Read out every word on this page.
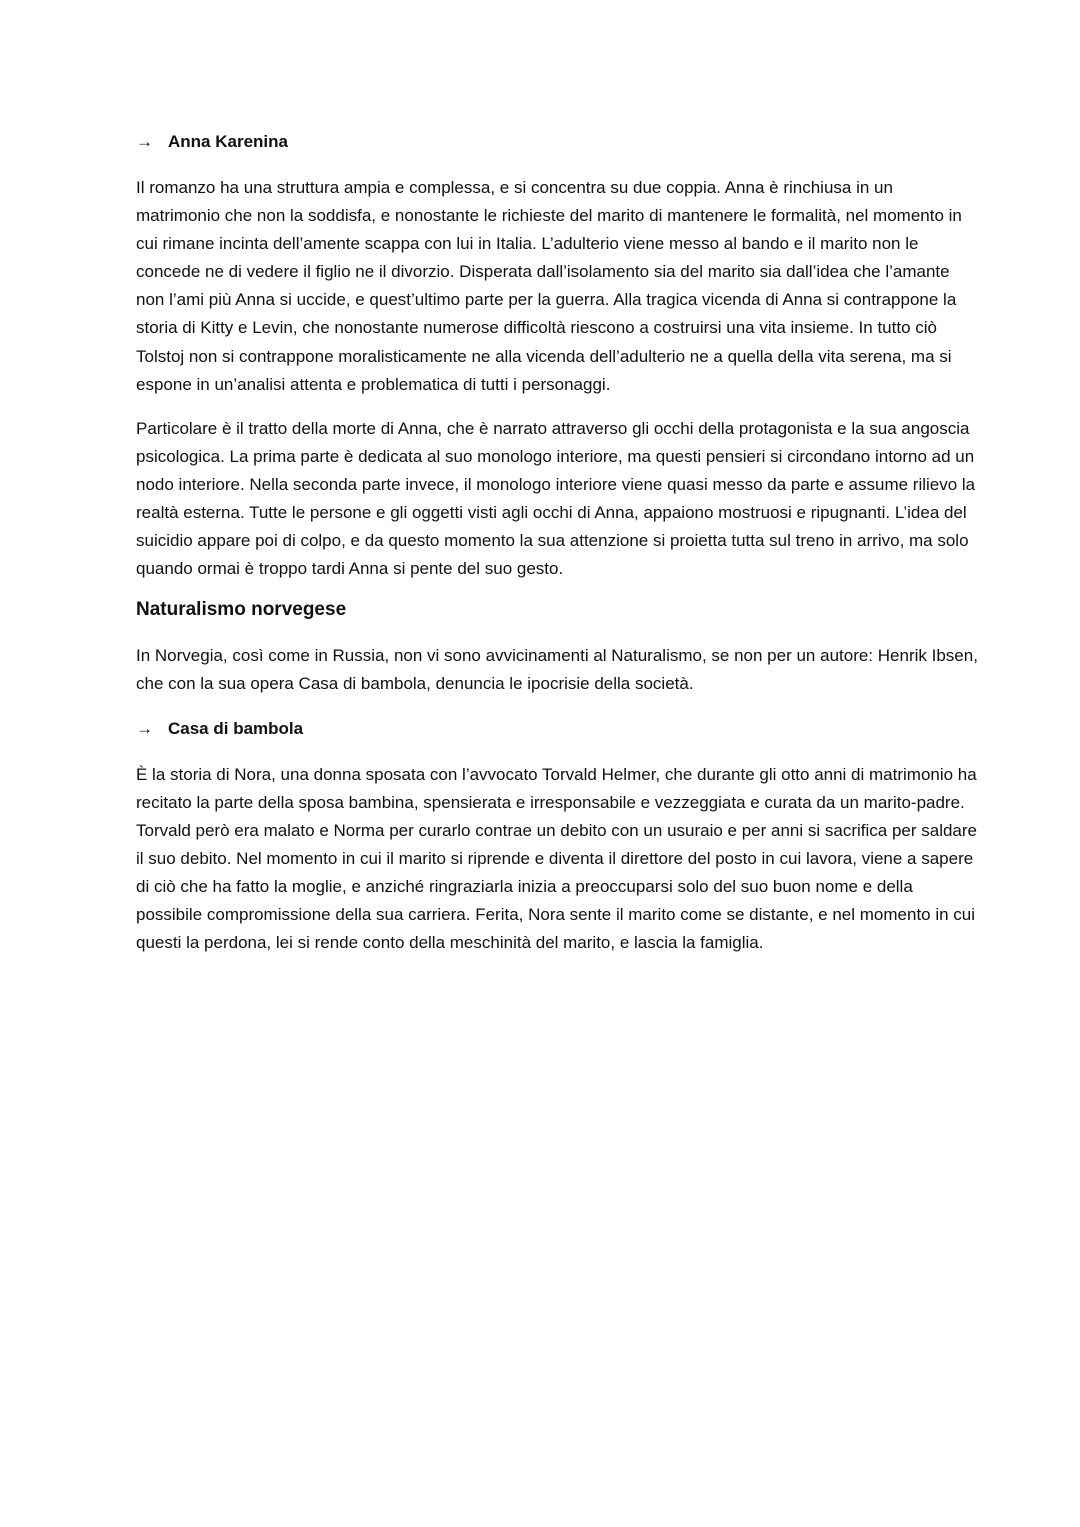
→ Anna Karenina

Il romanzo ha una struttura ampia e complessa, e si concentra su due coppia. Anna è rinchiusa in un matrimonio che non la soddisfa, e nonostante le richieste del marito di mantenere le formalità, nel momento in cui rimane incinta dell’amente scappa con lui in Italia. L’adulterio viene messo al bando e il marito non le concede ne di vedere il figlio ne il divorzio. Disperata dall’isolamento sia del marito sia dall’idea che l’amante non l’ami più Anna si uccide, e quest’ultimo parte per la guerra. Alla tragica vicenda di Anna si contrappone la storia di Kitty e Levin, che nonostante numerose difficoltà riescono a costruirsi una vita insieme. In tutto ciò Tolstoj non si contrappone moralisticamente ne alla vicenda dell’adulterio ne a quella della vita serena, ma si espone in un’analisi attenta e problematica di tutti i personaggi.

Particolare è il tratto della morte di Anna, che è narrato attraverso gli occhi della protagonista e la sua angoscia psicologica. La prima parte è dedicata al suo monologo interiore, ma questi pensieri si circondano intorno ad un nodo interiore. Nella seconda parte invece, il monologo interiore viene quasi messo da parte e assume rilievo la realtà esterna. Tutte le persone e gli oggetti visti agli occhi di Anna, appaiono mostruosi e ripugnanti. L’idea del suicidio appare poi di colpo, e da questo momento la sua attenzione si proietta tutta sul treno in arrivo, ma solo quando ormai è troppo tardi Anna si pente del suo gesto.

Naturalismo norvegese

In Norvegia, così come in Russia, non vi sono avvicinamenti al Naturalismo, se non per un autore: Henrik Ibsen, che con la sua opera Casa di bambola, denuncia le ipocrisie della società.

→ Casa di bambola

È la storia di Nora, una donna sposata con l’avvocato Torvald Helmer, che durante gli otto anni di matrimonio ha recitato la parte della sposa bambina, spensierata e irresponsabile e vezzeggiata e curata da un marito-padre. Torvald però era malato e Norma per curarlo contrae un debito con un usuraio e per anni si sacrifica per saldare il suo debito. Nel momento in cui il marito si riprende e diventa il direttore del posto in cui lavora, viene a sapere di ciò che ha fatto la moglie, e anziché ringraziarla inizia a preoccuparsi solo del suo buon nome e della possibile compromissione della sua carriera. Ferita, Nora sente il marito come se distante, e nel momento in cui questi la perdona, lei si rende conto della meschinità del marito, e lascia la famiglia.
